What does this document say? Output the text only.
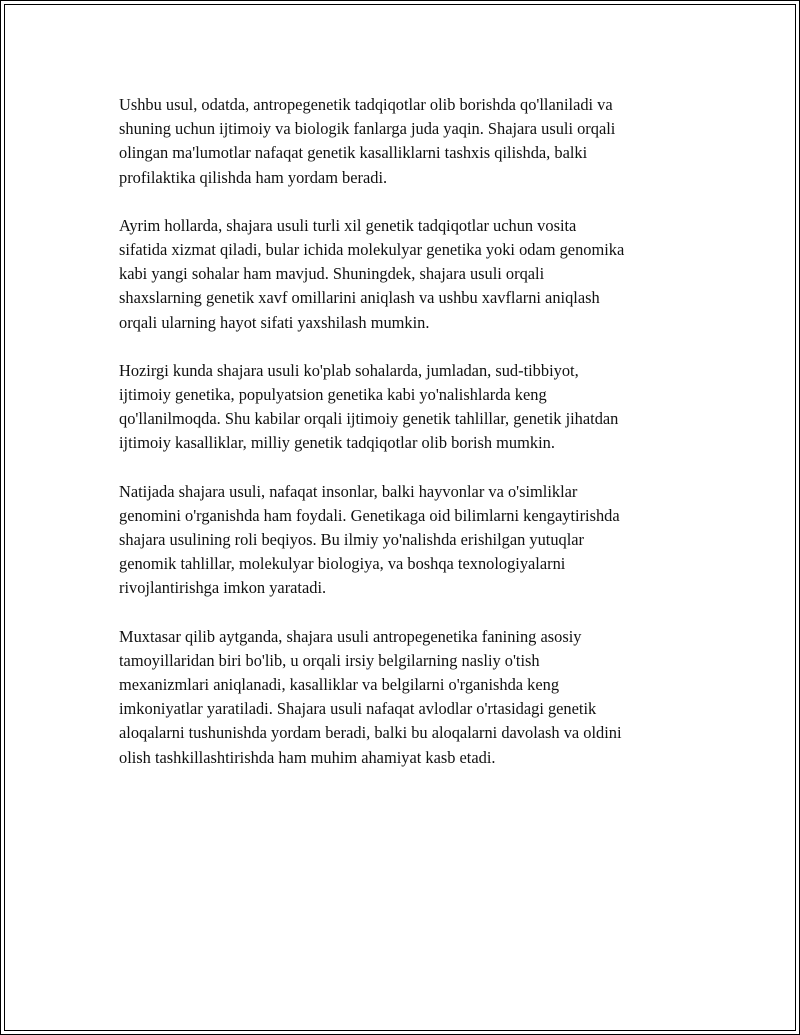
Ushbu usul, odatda, antropegenetik tadqiqotlar olib borishda qo'llaniladi va
shuning uchun ijtimoiy va biologik fanlarga juda yaqin. Shajara usuli orqali
olingan ma'lumotlar nafaqat genetik kasalliklarni tashxis qilishda, balki
profilaktika qilishda ham yordam beradi.

Ayrim hollarda, shajara usuli turli xil genetik tadqiqotlar uchun vosita
sifatida xizmat qiladi, bular ichida molekulyar genetika yoki odam genomika
kabi yangi sohalar ham mavjud. Shuningdek, shajara usuli orqali
shaxslarning genetik xavf omillarini aniqlash va ushbu xavflarni aniqlash
orqali ularning hayot sifati yaxshilash mumkin.

Hozirgi kunda shajara usuli ko'plab sohalarda, jumladan, sud-tibbiyot,
ijtimoiy genetika, populyatsion genetika kabi yo'nalishlarda keng
qo'llanilmoqda. Shu kabilar orqali ijtimoiy genetik tahlillar, genetik jihatdan
ijtimoiy kasalliklar, milliy genetik tadqiqotlar olib borish mumkin.

Natijada shajara usuli, nafaqat insonlar, balki hayvonlar va o'simliklar
genomini o'rganishda ham foydali. Genetikaga oid bilimlarni kengaytirishda
shajara usulining roli beqiyos. Bu ilmiy yo'nalishda erishilgan yutuqlar
genomik tahlillar, molekulyar biologiya, va boshqa texnologiyalarni
rivojlantirishga imkon yaratadi.

Muxtasar qilib aytganda, shajara usuli antropegenetika fanining asosiy
tamoyillaridan biri bo'lib, u orqali irsiy belgilarning nasliy o'tish
mexanizmlari aniqlanadi, kasalliklar va belgilarni o'rganishda keng
imkoniyatlar yaratiladi. Shajara usuli nafaqat avlodlar o'rtasidagi genetik
aloqalarni tushunishda yordam beradi, balki bu aloqalarni davolash va oldini
olish tashkillashtirishda ham muhim ahamiyat kasb etadi.
